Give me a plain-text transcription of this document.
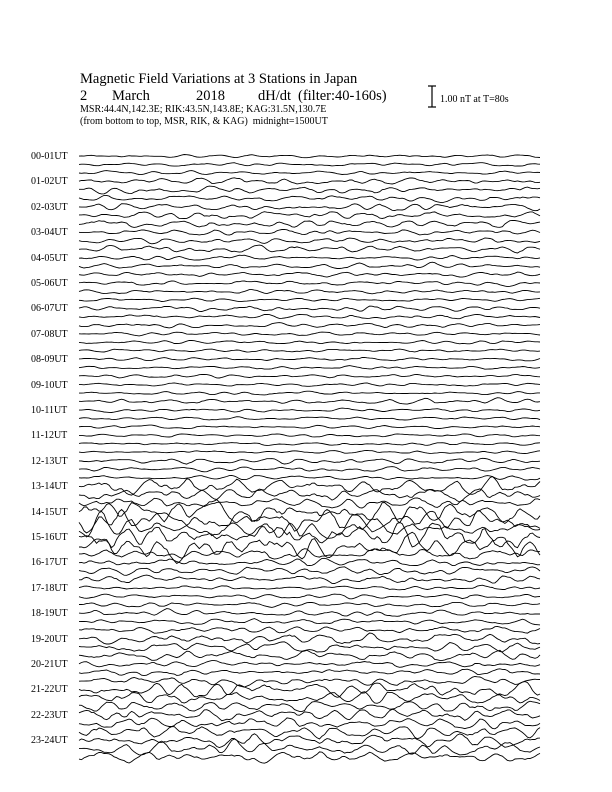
Magnetic Field Variations at 3 Stations in Japan
2 March	2018 dH/dt (filter:40-160s)
MSR:44.4N,142.3E; RIK:43.5N,143.8E; KAG:31.5N,130.7E
(from bottom to top, MSR, RIK, & KAG) midnight=1500UT
1.00 nT at T=80s
00-01UT
01-02UT
02-03UT
03-04UT
04-05UT
05-06UT
06-07UT
07-08UT
08-09UT
09-10UT
10-11UT
11-12UT
12-13UT
13-14UT
14-15UT
15-16UT
16-17UT
17-18UT
18-19UT
19-20UT
20-21UT
21-22UT
22-23UT
23-24UT
